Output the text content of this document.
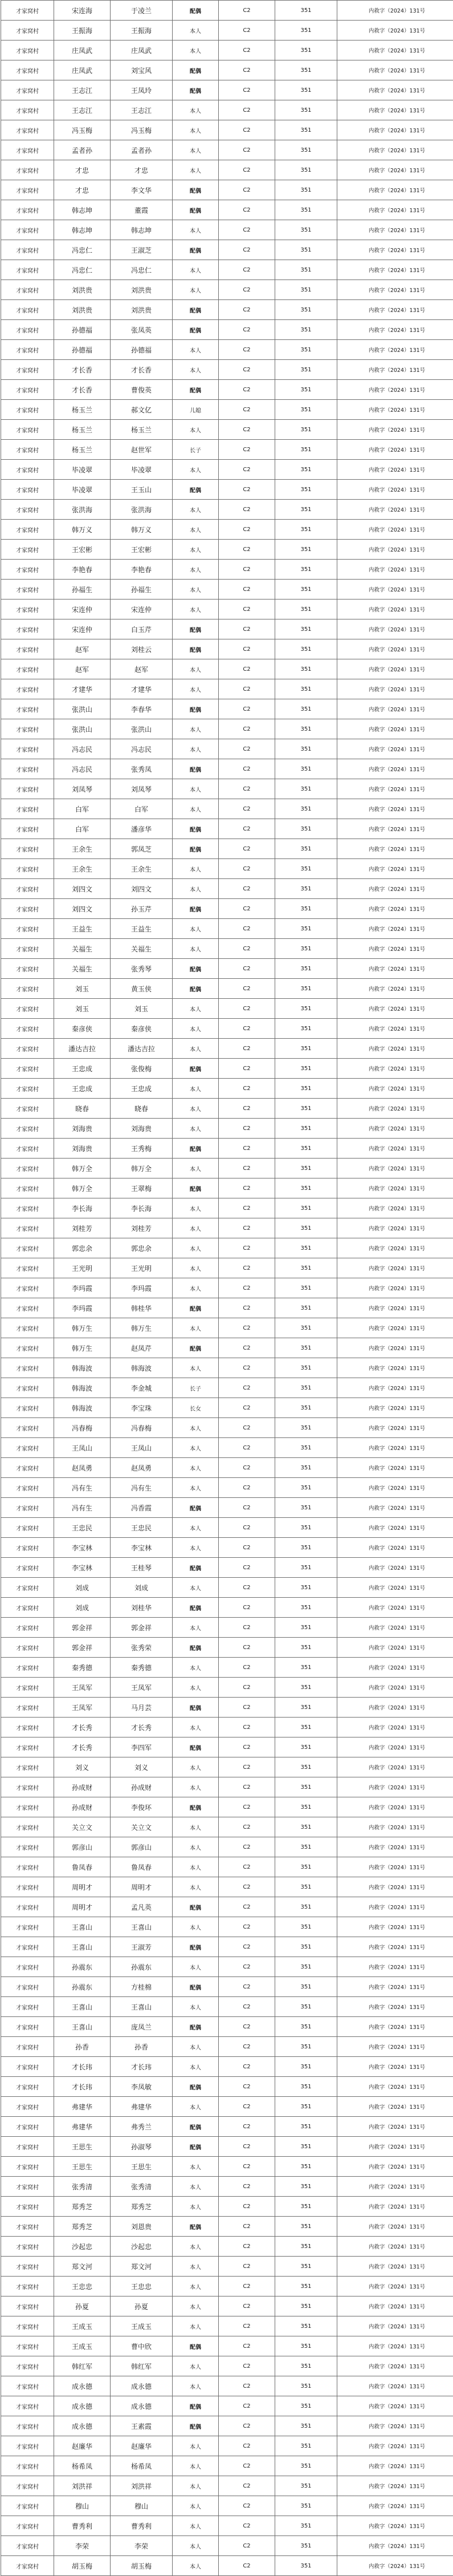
才家窝村	宋连海	于凌兰	配偶	C2	351	内救字（2024）131号
才家窝村	王振海	王振海	本人	C2	351	内救字（2024）131号
才家窝村	庄凤武	庄凤武	本人	C2	351	内救字（2024）131号
才家窝村	庄凤武	刘宝风	配偶	C2	351	内救字（2024）131号
才家窝村	王志江	王凤玲	配偶	C2	351	内救字（2024）131号
才家窝村	王志江	王志江	本人	C2	351	内救字（2024）131号
才家窝村	冯玉梅	冯玉梅	本人	C2	351	内救字（2024）131号
才家窝村	孟者孙	孟者孙	本人	C2	351	内救字（2024）131号
才家窝村	才忠	才忠	本人	C2	351	内救字（2024）131号
才家窝村	才忠	李文华	配偶	C2	351	内救字（2024）131号
才家窝村	韩志坤	董霞	配偶	C2	351	内救字（2024）131号
才家窝村	韩志坤	韩志坤	本人	C2	351	内救字（2024）131号
才家窝村	冯忠仁	王淑芝	配偶	C2	351	内救字（2024）131号
才家窝村	冯忠仁	冯忠仁	本人	C2	351	内救字（2024）131号
才家窝村	刘洪贵	刘洪贵	本人	C2	351	内救字（2024）131号
才家窝村	刘洪贵	刘洪贵	配偶	C2	351	内救字（2024）131号
才家窝村	孙德福	张凤英	配偶	C2	351	内救字（2024）131号
才家窝村	孙德福	孙德福	本人	C2	351	内救字（2024）131号
才家窝村	才长香	才长香	本人	C2	351	内救字（2024）131号
才家窝村	才长香	曹俊英	配偶	C2	351	内救字（2024）131号
才家窝村	杨玉兰	郝文亿	儿媳	C2	351	内救字（2024）131号
才家窝村	杨玉兰	杨玉兰	本人	C2	351	内救字（2024）131号
才家窝村	杨玉兰	赵世军	长子	C2	351	内救字（2024）131号
才家窝村	毕凌翠	毕凌翠	本人	C2	351	内救字（2024）131号
才家窝村	毕凌翠	王玉山	配偶	C2	351	内救字（2024）131号
才家窝村	张洪海	张洪海	本人	C2	351	内救字（2024）131号
才家窝村	韩万义	韩万义	本人	C2	351	内救字（2024）131号
才家窝村	王宏彬	王宏彬	本人	C2	351	内救字（2024）131号
才家窝村	李艳春	李艳春	本人	C2	351	内救字（2024）131号
才家窝村	孙福生	孙福生	本人	C2	351	内救字（2024）131号
才家窝村	宋连仲	宋连仲	本人	C2	351	内救字（2024）131号
才家窝村	宋连仲	白玉芹	配偶	C2	351	内救字（2024）131号
才家窝村	赵军	刘桂云	配偶	C2	351	内救字（2024）131号
才家窝村	赵军	赵军	本人	C2	351	内救字（2024）131号
才家窝村	才建华	才建华	本人	C2	351	内救字（2024）131号
才家窝村	张洪山	李春华	配偶	C2	351	内救字（2024）131号
才家窝村	张洪山	张洪山	本人	C2	351	内救字（2024）131号
才家窝村	冯志民	冯志民	本人	C2	351	内救字（2024）131号
才家窝村	冯志民	张秀凤	配偶	C2	351	内救字（2024）131号
才家窝村	刘凤琴	刘凤琴	本人	C2	351	内救字（2024）131号
才家窝村	白军	白军	本人	C2	351	内救字（2024）131号
才家窝村	白军	潘彦华	配偶	C2	351	内救字（2024）131号
才家窝村	王余生	郭凤芝	配偶	C2	351	内救字（2024）131号
才家窝村	王余生	王余生	本人	C2	351	内救字（2024）131号
才家窝村	刘四文	刘四文	本人	C2	351	内救字（2024）131号
才家窝村	刘四文	孙玉芹	配偶	C2	351	内救字（2024）131号
才家窝村	王益生	王益生	本人	C2	351	内救字（2024）131号
才家窝村	关福生	关福生	本人	C2	351	内救字（2024）131号
才家窝村	关福生	张秀琴	配偶	C2	351	内救字（2024）131号
才家窝村	刘玉	黄玉侠	配偶	C2	351	内救字（2024）131号
才家窝村	刘玉	刘玉	本人	C2	351	内救字（2024）131号
才家窝村	秦彦侠	秦彦侠	本人	C2	351	内救字（2024）131号
才家窝村	潘达吉拉	潘达吉拉	本人	C2	351	内救字（2024）131号
才家窝村	王忠成	张俊梅	配偶	C2	351	内救字（2024）131号
才家窝村	王忠成	王忠成	本人	C2	351	内救字（2024）131号
才家窝村	晓春	晓春	本人	C2	351	内救字（2024）131号
才家窝村	刘海贵	刘海贵	本人	C2	351	内救字（2024）131号
才家窝村	刘海贵	王秀梅	配偶	C2	351	内救字（2024）131号
才家窝村	韩万全	韩万全	本人	C2	351	内救字（2024）131号
才家窝村	韩万全	王翠梅	配偶	C2	351	内救字（2024）131号
才家窝村	李长海	李长海	本人	C2	351	内救字（2024）131号
才家窝村	刘桂芳	刘桂芳	本人	C2	351	内救字（2024）131号
才家窝村	郭忠余	郭忠余	本人	C2	351	内救字（2024）131号
才家窝村	王光明	王光明	本人	C2	351	内救字（2024）131号
才家窝村	李玛霞	李玛霞	本人	C2	351	内救字（2024）131号
才家窝村	李玛霞	韩桂华	配偶	C2	351	内救字（2024）131号
才家窝村	韩万生	韩万生	本人	C2	351	内救字（2024）131号
才家窝村	韩万生	赵凤芹	配偶	C2	351	内救字（2024）131号
才家窝村	韩海波	韩海波	本人	C2	351	内救字（2024）131号
才家窝村	韩海波	李金城	长子	C2	351	内救字（2024）131号
才家窝村	韩海波	李宝珠	长女	C2	351	内救字（2024）131号
才家窝村	冯春梅	冯春梅	本人	C2	351	内救字（2024）131号
才家窝村	王凤山	王凤山	本人	C2	351	内救字（2024）131号
才家窝村	赵凤勇	赵凤勇	本人	C2	351	内救字（2024）131号
才家窝村	冯有生	冯有生	本人	C2	351	内救字（2024）131号
才家窝村	冯有生	冯香霞	配偶	C2	351	内救字（2024）131号
才家窝村	王忠民	王忠民	本人	C2	351	内救字（2024）131号
才家窝村	李宝林	李宝林	本人	C2	351	内救字（2024）131号
才家窝村	李宝林	王桂琴	配偶	C2	351	内救字（2024）131号
才家窝村	刘成	刘成	本人	C2	351	内救字（2024）131号
才家窝村	刘成	刘桂华	配偶	C2	351	内救字（2024）131号
才家窝村	郭金祥	郭金祥	本人	C2	351	内救字（2024）131号
才家窝村	郭金祥	张秀荣	配偶	C2	351	内救字（2024）131号
才家窝村	秦秀德	秦秀德	本人	C2	351	内救字（2024）131号
才家窝村	王凤军	王凤军	本人	C2	351	内救字（2024）131号
才家窝村	王凤军	马月芸	配偶	C2	351	内救字（2024）131号
才家窝村	才长秀	才长秀	本人	C2	351	内救字（2024）131号
才家窝村	才长秀	李四军	配偶	C2	351	内救字（2024）131号
才家窝村	刘义	刘义	本人	C2	351	内救字（2024）131号
才家窝村	孙成财	孙成财	本人	C2	351	内救字（2024）131号
才家窝村	孙成财	李俊环	配偶	C2	351	内救字（2024）131号
才家窝村	关立文	关立文	本人	C2	351	内救字（2024）131号
才家窝村	郭彦山	郭彦山	本人	C2	351	内救字（2024）131号
才家窝村	鲁凤春	鲁凤春	本人	C2	351	内救字（2024）131号
才家窝村	周明才	周明才	本人	C2	351	内救字（2024）131号
才家窝村	周明才	孟凡英	配偶	C2	351	内救字（2024）131号
才家窝村	王喜山	王喜山	本人	C2	351	内救字（2024）131号
才家窝村	王喜山	王淑芳	配偶	C2	351	内救字（2024）131号
才家窝村	孙震东	孙震东	本人	C2	351	内救字（2024）131号
才家窝村	孙震东	方桂棉	配偶	C2	351	内救字（2024）131号
才家窝村	王喜山	王喜山	本人	C2	351	内救字（2024）131号
才家窝村	王喜山	庞凤兰	配偶	C2	351	内救字（2024）131号
才家窝村	孙香	孙香	本人	C2	351	内救字（2024）131号
才家窝村	才长玮	才长玮	本人	C2	351	内救字（2024）131号
才家窝村	才长玮	李凤敏	配偶	C2	351	内救字（2024）131号
才家窝村	弗建华	弗建华	本人	C2	351	内救字（2024）131号
才家窝村	弗建华	弗秀兰	配偶	C2	351	内救字（2024）131号
才家窝村	王思生	孙淑琴	配偶	C2	351	内救字（2024）131号
才家窝村	王思生	王思生	本人	C2	351	内救字（2024）131号
才家窝村	张秀清	张秀清	本人	C2	351	内救字（2024）131号
才家窝村	郑秀芝	郑秀芝	本人	C2	351	内救字（2024）131号
才家窝村	郑秀芝	刘恩贵	配偶	C2	351	内救字（2024）131号
才家窝村	沙起忠	沙起忠	本人	C2	351	内救字（2024）131号
才家窝村	郑文河	郑文河	本人	C2	351	内救字（2024）131号
才家窝村	王忠忠	王忠忠	本人	C2	351	内救字（2024）131号
才家窝村	孙夏	孙夏	本人	C2	351	内救字（2024）131号
才家窝村	王成玉	王成玉	本人	C2	351	内救字（2024）131号
才家窝村	王成玉	曹中欣	配偶	C2	351	内救字（2024）131号
才家窝村	韩红军	韩红军	本人	C2	351	内救字（2024）131号
才家窝村	成永德	成永德	本人	C2	351	内救字（2024）131号
才家窝村	成永德	成永德	配偶	C2	351	内救字（2024）131号
才家窝村	成永德	王素霞	配偶	C2	351	内救字（2024）131号
才家窝村	赵廉华	赵廉华	本人	C2	351	内救字（2024）131号
才家窝村	杨希凤	杨希凤	本人	C2	351	内救字（2024）131号
才家窝村	刘洪祥	刘洪祥	本人	C2	351	内救字（2024）131号
才家窝村	穆山	穆山	本人	C2	351	内救字（2024）131号
才家窝村	曹秀利	曹秀利	本人	C2	351	内救字（2024）131号
才家窝村	李荣	李荣	本人	C2	351	内救字（2024）131号
才家窝村	胡玉梅	胡玉梅	本人	C2	351	内救字（2024）131号
